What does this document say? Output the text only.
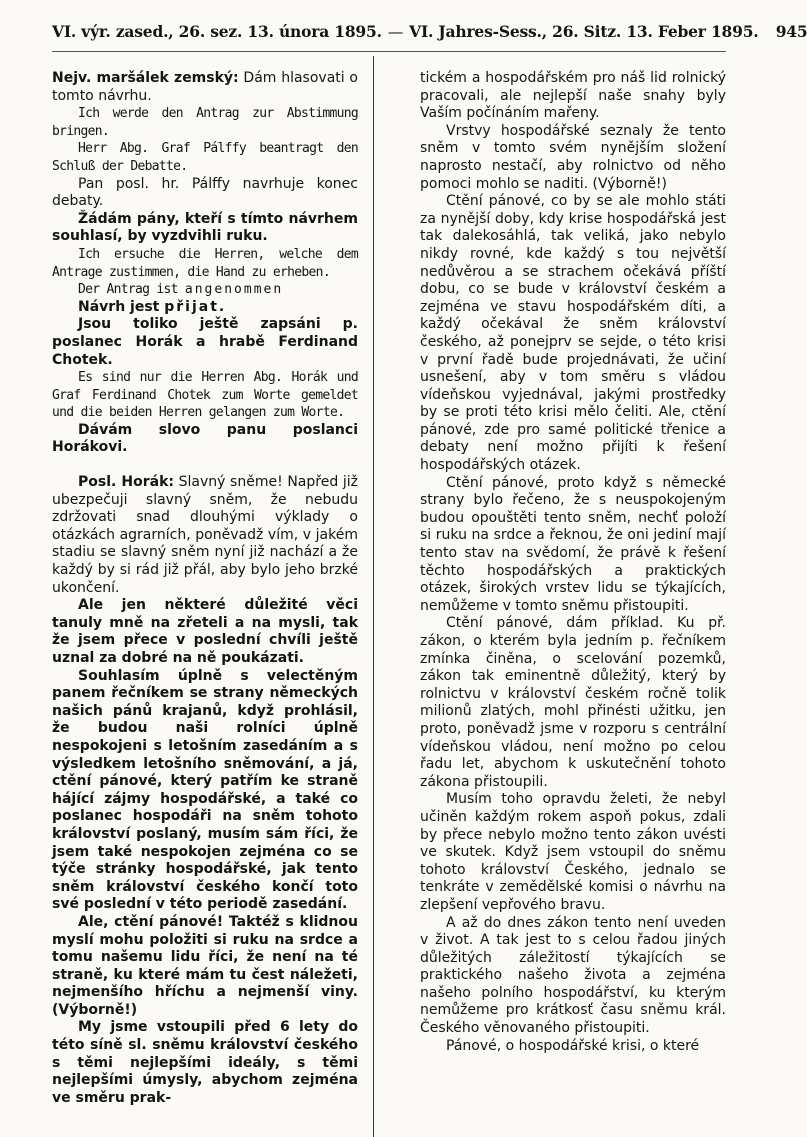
VI. výr. zased., 26. sez. 13. února 1895. — VI. Jahres-Sess., 26. Sitz. 13. Feber 1895. 945

Nejv. maršálek zemský: Dám hlasovati o tomto návrhu.

Ich werde den Antrag zur Abstimmung bringen.

Herr Abg. Graf Pálffy beantragt den Schluß der Debatte.

Pan posl. hr. Pálffy navrhuje konec debaty.

Žádám pány, kteří s tímto návrhem souhlasí, by vyzdvihli ruku.

Ich ersuche die Herren, welche dem Antrage zustimmen, die Hand zu erheben.

Der Antrag ist angenommen

Návrh jest přijat.

Jsou toliko ještě zapsáni p. poslanec Horák a hrabě Ferdinand Chotek.

Es sind nur die Herren Abg. Horák und Graf Ferdinand Chotek zum Worte gemeldet und die beiden Herren gelangen zum Worte.

Dávám slovo panu poslanci Horákovi.

Posl. Horák: Slavný sněme! Napřed již ubezpečuji slavný sněm, že nebudu zdržovati snad dlouhými výklady o otázkách agrarních, poněvadž vím, v jakém stadiu se slavný sněm nyní již nachází a že každý by si rád již přál, aby bylo jeho brzké ukončení.

Ale jen některé důležité věci tanuly mně na zřeteli a na mysli, tak že jsem přece v poslední chvíli ještě uznal za dobré na ně poukázati.

Souhlasím úplně s velectěným panem řečníkem se strany německých našich pánů krajanů, když prohlásil, že budou naši rolníci úplně nespokojeni s letošním zasedáním a s výsledkem letošního sněmování, a já, ctění pánové, který patřím ke straně hájící zájmy hospodářské, a také co poslanec hospodáři na sněm tohoto království poslaný, musím sám říci, že jsem také nespokojen zejména co se týče stránky hospodářské, jak tento sněm království českého končí toto své poslední v této periodě zasedání.

Ale, ctění pánové! Taktéž s klidnou myslí mohu položiti si ruku na srdce a tomu našemu lidu říci, že není na té straně, ku které mám tu čest náležeti, nejmenšího hříchu a nejmenší viny. (Výborně!)

My jsme vstoupili před 6 lety do této síně sl. sněmu království českého s těmi nejlepšími ideály, s těmi nejlepšími úmysly, abychom zejména ve směru prak-

tickém a hospodářském pro náš lid rolnický pracovali, ale nejlepší naše snahy byly Vaším počínáním mařeny.

Vrstvy hospodářské seznaly že tento sněm v tomto svém nynějším složení naprosto nestačí, aby rolnictvo od něho pomoci mohlo se naditi. (Výborně!)

Ctění pánové, co by se ale mohlo státi za nynější doby, kdy krise hospodářská jest tak dalekosáhlá, tak veliká, jako nebylo nikdy rovné, kde každý s tou největší nedůvěrou a se strachem očekává příští dobu, co se bude v království českém a zejména ve stavu hospodářském díti, a každý očekával že sněm království českého, až ponejprv se sejde, o této krisi v první řadě bude projednávati, že učiní usnešení, aby v tom směru s vládou vídeňskou vyjednával, jakými prostředky by se proti této krisi mělo čeliti. Ale, ctění pánové, zde pro samé politické třenice a debaty není možno přijíti k řešení hospodářských otázek.

Ctění pánové, proto když s německé strany bylo řečeno, že s neuspokojeným budou opouštěti tento sněm, nechť položí si ruku na srdce a řeknou, že oni jediní mají tento stav na svědomí, že právě k řešení těchto hospodářských a praktických otázek, širokých vrstev lidu se týkajících, nemůžeme v tomto sněmu přistoupiti.

Ctění pánové, dám příklad. Ku př. zákon, o kterém byla jedním p. řečníkem zmínka činěna, o scelování pozemků, zákon tak eminentně důležitý, který by rolnictvu v království českém ročně tolik milionů zlatých, mohl přinésti užitku, jen proto, poněvadž jsme v rozporu s centrální vídeňskou vládou, není možno po celou řadu let, abychom k uskutečnění tohoto zákona přistoupili.

Musím toho opravdu želeti, že nebyl učiněn každým rokem aspoň pokus, zdali by přece nebylo možno tento zákon uvésti ve skutek. Když jsem vstoupil do sněmu tohoto království Českého, jednalo se tenkráte v zemědělské komisi o návrhu na zlepšení vepřového bravu.

A až do dnes zákon tento není uveden v život. A tak jest to s celou řadou jiných důležitých záležitostí týkajících se praktického našeho života a zejména našeho polního hospodářství, ku kterým nemůžeme pro krátkosť času sněmu král. Českého věnovaného přistoupiti.

Pánové, o hospodářské krisi, o které
